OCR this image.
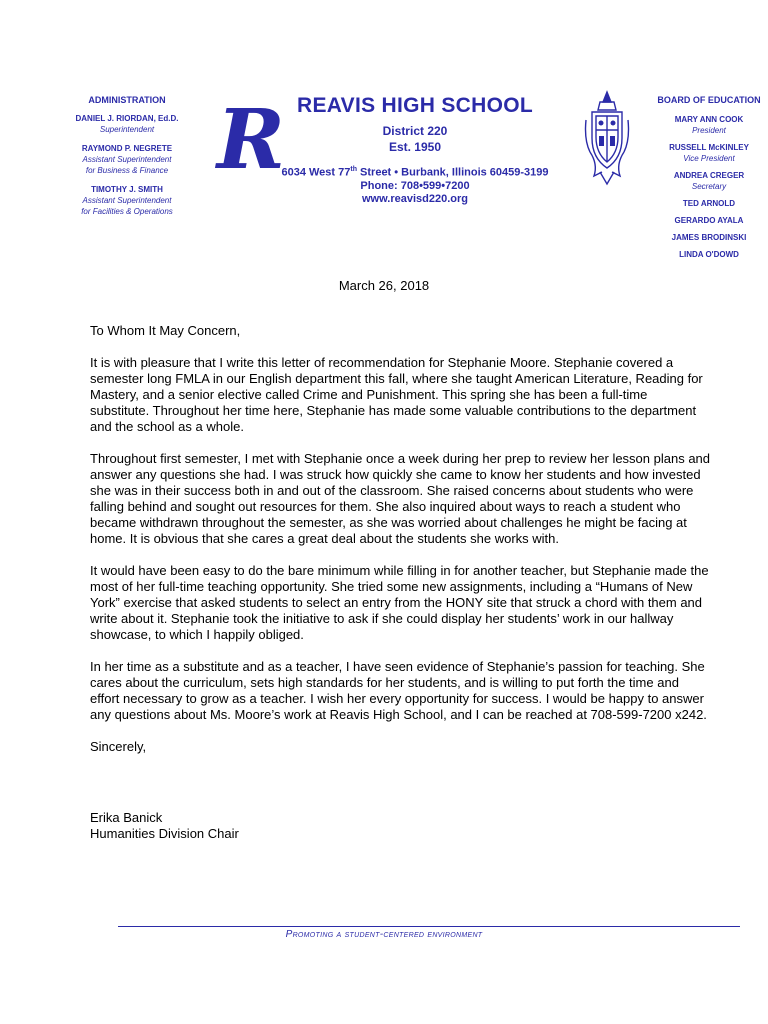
ADMINISTRATION
DANIEL J. RIORDAN, Ed.D.
Superintendent
RAYMOND P. NEGRETE
Assistant Superintendent
for Business & Finance
TIMOTHY J. SMITH
Assistant Superintendent
for Facilities & Operations
R REAVIS HIGH SCHOOL
District 220
Est. 1950
6034 West 77th Street • Burbank, Illinois 60459-3199
Phone: 708•599•7200
www.reavisd220.org
BOARD OF EDUCATION
MARY ANN COOK
President
RUSSELL McKINLEY
Vice President
ANDREA CREGER
Secretary
TED ARNOLD
GERARDO AYALA
JAMES BRODINSKI
LINDA O'DOWD
March 26, 2018

To Whom It May Concern,

It is with pleasure that I write this letter of recommendation for Stephanie Moore. Stephanie covered a semester long FMLA in our English department this fall, where she taught American Literature, Reading for Mastery, and a senior elective called Crime and Punishment. This spring she has been a full-time substitute. Throughout her time here, Stephanie has made some valuable contributions to the department and the school as a whole.

Throughout first semester, I met with Stephanie once a week during her prep to review her lesson plans and answer any questions she had. I was struck how quickly she came to know her students and how invested she was in their success both in and out of the classroom. She raised concerns about students who were falling behind and sought out resources for them. She also inquired about ways to reach a student who became withdrawn throughout the semester, as she was worried about challenges he might be facing at home. It is obvious that she cares a great deal about the students she works with.

It would have been easy to do the bare minimum while filling in for another teacher, but Stephanie made the most of her full-time teaching opportunity. She tried some new assignments, including a “Humans of New York” exercise that asked students to select an entry from the HONY site that struck a chord with them and write about it. Stephanie took the initiative to ask if she could display her students’ work in our hallway showcase, to which I happily obliged.

In her time as a substitute and as a teacher, I have seen evidence of Stephanie’s passion for teaching. She cares about the curriculum, sets high standards for her students, and is willing to put forth the time and effort necessary to grow as a teacher. I wish her every opportunity for success. I would be happy to answer any questions about Ms. Moore’s work at Reavis High School, and I can be reached at 708-599-7200 x242.

Sincerely,

Erika Banick

Humanities Division Chair

Promoting a student-centered environment
